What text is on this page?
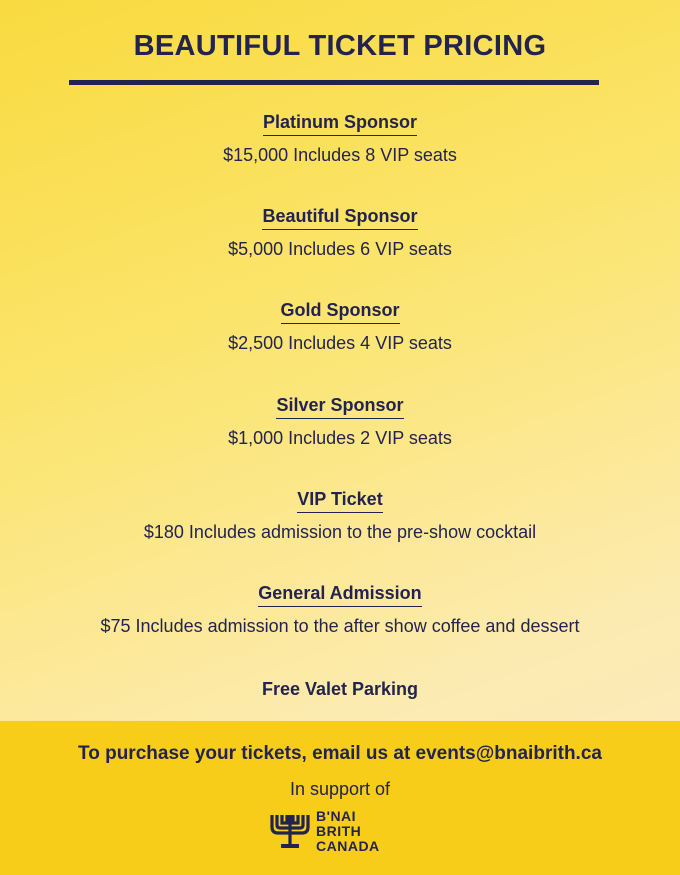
BEAUTIFUL TICKET PRICING
Platinum Sponsor
$15,000 Includes 8 VIP seats
Beautiful Sponsor
$5,000 Includes 6 VIP seats
Gold Sponsor
$2,500 Includes 4 VIP seats
Silver Sponsor
$1,000 Includes 2 VIP seats
VIP Ticket
$180 Includes admission to the pre-show cocktail
General Admission
$75 Includes admission to the after show coffee and dessert
Free Valet Parking
To purchase your tickets, email us at events@bnaibrith.ca
In support of
B'NAI
BRITH
CANADA
